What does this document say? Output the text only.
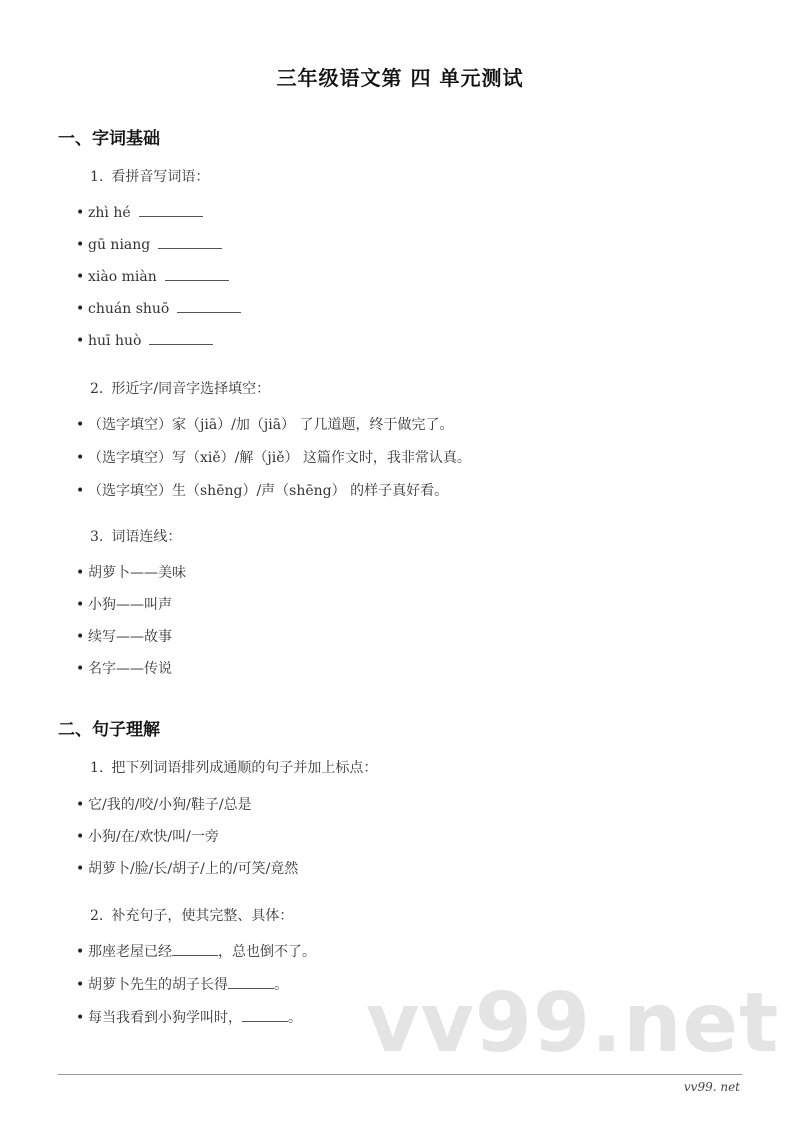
三年级语文第 四 单元测试
一、字词基础
1. 看拼音写词语：
• zhì hé
• gū niang
• xiào miàn
• chuán shuō
• huī huò
2. 形近字/同音字选择填空：
• （选字填空）家（jiā）/加（jiā） 了几道题，终于做完了。
• （选字填空）写（xiě）/解（jiě） 这篇作文时，我非常认真。
• （选字填空）生（shēng）/声（shēng） 的样子真好看。
3. 词语连线：
• 胡萝卜——美味
• 小狗——叫声
• 续写——故事
• 名字——传说
二、句子理解
1. 把下列词语排列成通顺的句子并加上标点：
• 它/我的/咬/小狗/鞋子/总是
• 小狗/在/欢快/叫/一旁
• 胡萝卜/脸/长/胡子/上的/可笑/竟然
2. 补充句子，使其完整、具体：
• 那座老屋已经	，总也倒不了。
• 胡萝卜先生的胡子长得	。
• 每当我看到小狗学叫时，	。 vv99.net
vv99. net
